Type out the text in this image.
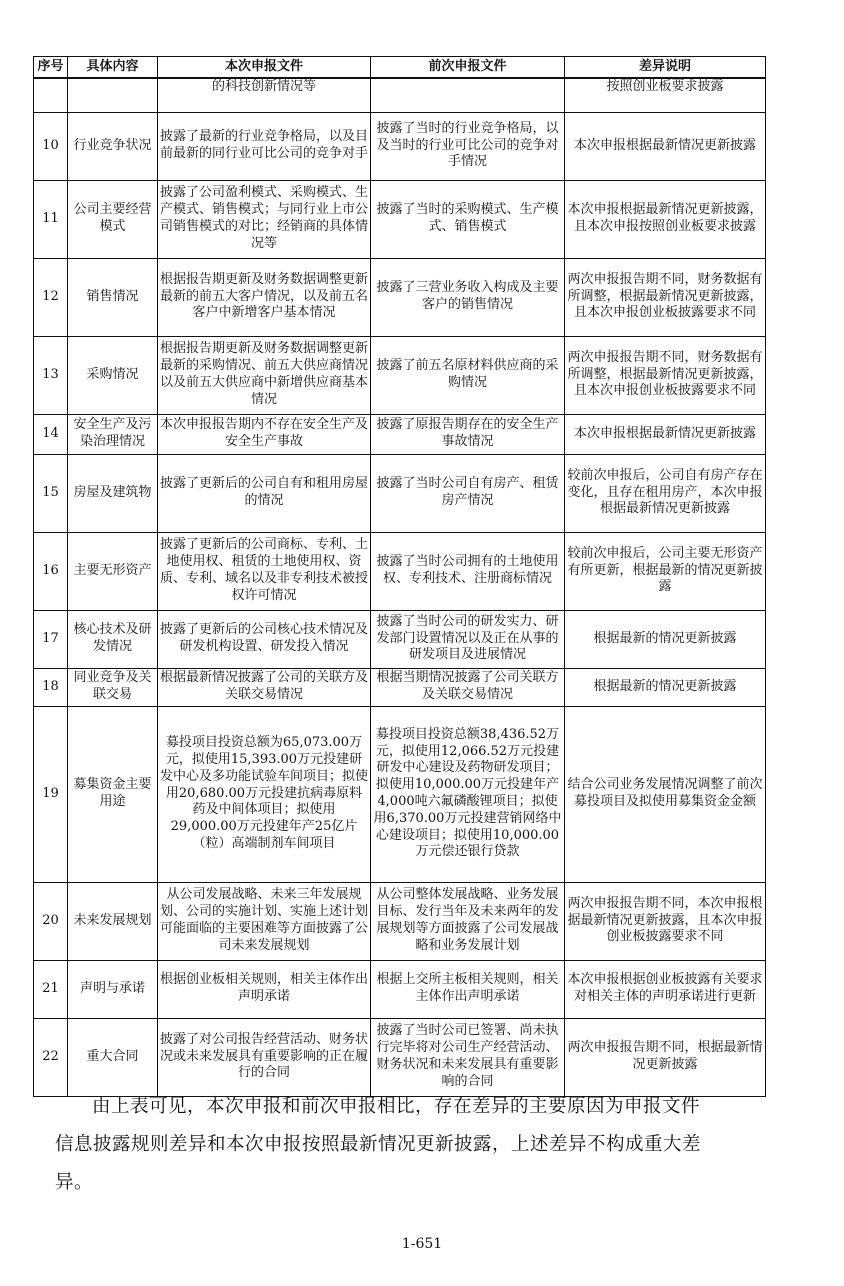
序号	具体内容	本次申报文件	前次申报文件	差异说明
		的科技创新情况等		按照创业板要求披露
10	行业竞争状况	披露了最新的行业竞争格局，以及目前最新的同行业可比公司的竞争对手	披露了当时的行业竞争格局，以及当时的行业可比公司的竞争对手情况	本次申报根据最新情况更新披露
11	公司主要经营模式	披露了公司盈利模式、采购模式、生产模式、销售模式；与同行业上市公司销售模式的对比；经销商的具体情况等	披露了当时的采购模式、生产模式、销售模式	本次申报根据最新情况更新披露，且本次申报按照创业板要求披露
12	销售情况	根据报告期更新及财务数据调整更新最新的前五大客户情况，以及前五名客户中新增客户基本情况	披露了三营业务收入构成及主要客户的销售情况	两次申报报告期不同，财务数据有所调整，根据最新情况更新披露，且本次申报创业板披露要求不同
13	采购情况	根据报告期更新及财务数据调整更新最新的采购情况、前五大供应商情况以及前五大供应商中新增供应商基本情况	披露了前五名原材料供应商的采购情况	两次申报报告期不同，财务数据有所调整，根据最新情况更新披露，且本次申报创业板披露要求不同
14	安全生产及污染治理情况	本次申报报告期内不存在安全生产及安全生产事故	披露了原报告期存在的安全生产事故情况	本次申报根据最新情况更新披露
15	房屋及建筑物	披露了更新后的公司自有和租用房屋的情况	披露了当时公司自有房产、租赁房产情况	较前次申报后，公司自有房产存在变化，且存在租用房产，本次申报根据最新情况更新披露
16	主要无形资产	披露了更新后的公司商标、专利、土地使用权、租赁的土地使用权、资质、专利、域名以及非专利技术被授权许可情况	披露了当时公司拥有的土地使用权、专利技术、注册商标情况	较前次申报后，公司主要无形资产有所更新，根据最新的情况更新披露
17	核心技术及研发情况	披露了更新后的公司核心技术情况及研发机构设置、研发投入情况	披露了当时公司的研发实力、研发部门设置情况以及正在从事的研发项目及进展情况	根据最新的情况更新披露
18	同业竞争及关联交易	根据最新情况披露了公司的关联方及关联交易情况	根据当期情况披露了公司关联方及关联交易情况	根据最新的情况更新披露
19	募集资金主要用途	募投项目投资总额为65,073.00万元，拟使用15,393.00万元投建研发中心及多功能试验车间项目；拟使用20,680.00万元投建抗病毒原料药及中间体项目；拟使用29,000.00万元投建年产25亿片（粒）高端制剂车间项目	募投项目投资总额38,436.52万元，拟使用12,066.52万元投建研发中心建设及药物研发项目；拟使用10,000.00万元投建年产4,000吨六氟磷酸锂项目；拟使用6,370.00万元投建营销网络中心建设项目；拟使用10,000.00万元偿还银行贷款	结合公司业务发展情况调整了前次募投项目及拟使用募集资金金额
20	未来发展规划	从公司发展战略、未来三年发展规划、公司的实施计划、实施上述计划可能面临的主要困难等方面披露了公司未来发展规划	从公司整体发展战略、业务发展目标、发行当年及未来两年的发展规划等方面披露了公司发展战略和业务发展计划	两次申报报告期不同，本次申报根据最新情况更新披露，且本次申报创业板披露要求不同
21	声明与承诺	根据创业板相关规则，相关主体作出声明承诺	根据上交所主板相关规则，相关主体作出声明承诺	本次申报根据创业板披露有关要求对相关主体的声明承诺进行更新
22	重大合同	披露了对公司报告经营活动、财务状况或未来发展具有重要影响的正在履行的合同	披露了当时公司已签署、尚未执行完毕将对公司生产经营活动、财务状况和未来发展具有重要影响的合同	两次申报报告期不同，根据最新情况更新披露
由上表可见，本次申报和前次申报相比，存在差异的主要原因为申报文件
信息披露规则差异和本次申报按照最新情况更新披露，上述差异不构成重大差
异。
1-651
